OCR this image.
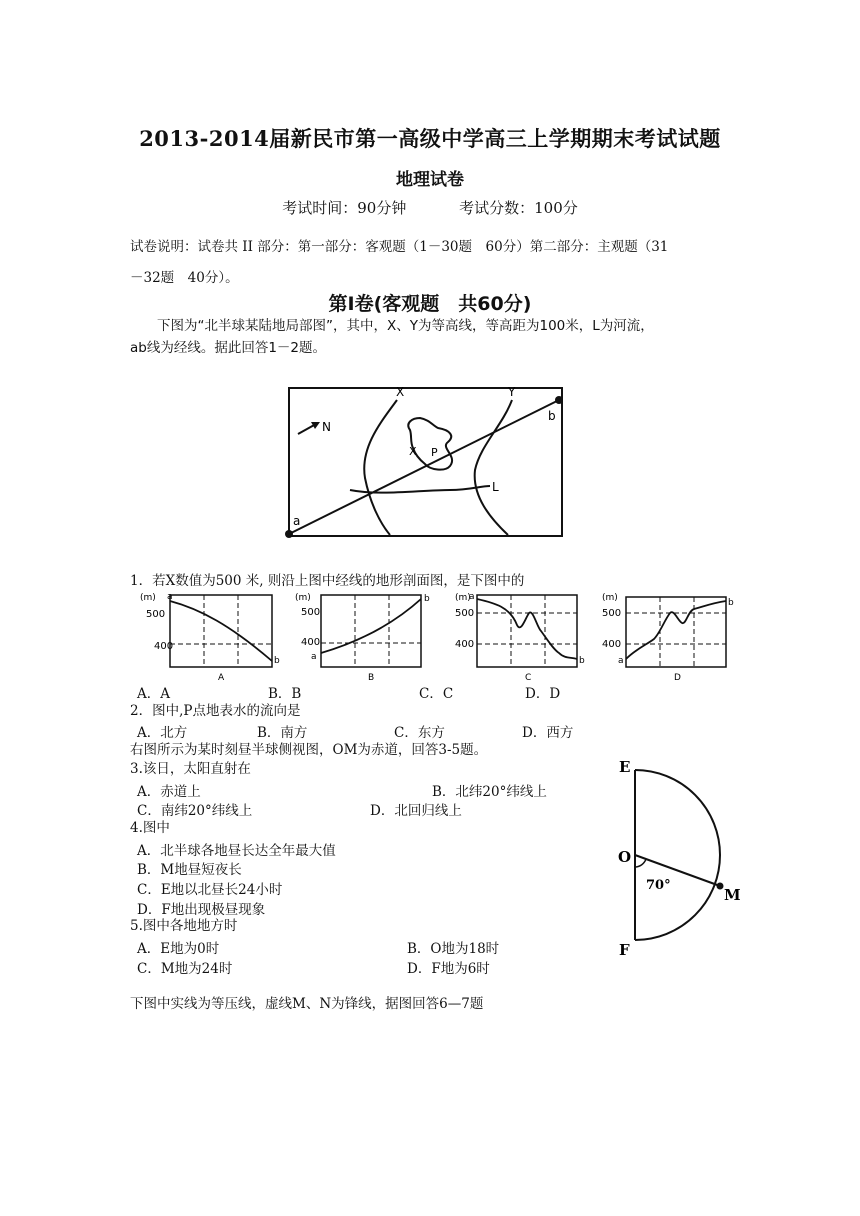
2013-2014届新民市第一高级中学高三上学期期末考试试题
地理试卷
考试时间：90分钟	考试分数：100分
试卷说明：试卷共 II 部分：第一部分：客观题（1－30题　60分）第二部分：主观题（31
－32题　40分）。
第Ⅰ卷(客观题　共60分)
　　下图为“北半球某陆地局部图”，其中，X、Y为等高线，等高距为100米，L为河流，
ab线为经线。据此回答1－2题。
N
X	Y
X P
L
a
b
1．若X数值为500 米, 则沿上图中经线的地形剖面图，是下图中的
(m)
500
400
a
b
A
(m)
500
400
a
b
B
(m)
500
400
a
b
C
(m)
500
400
a
b
D
A．A	B．B	C．C	D．D
2．图中,P点地表水的流向是
A．北方	B．南方	C．东方	D．西方
右图所示为某时刻昼半球侧视图，OM为赤道，回答3-5题。
3.该日，太阳直射在
A．赤道上	B．北纬20°纬线上
C．南纬20°纬线上	D．北回归线上
4.图中
A．北半球各地昼长达全年最大值
B．M地昼短夜长
C．E地以北昼长24小时
D．F地出现极昼现象
5.图中各地地方时
A．E地为0时	B．O地为18时
C．M地为24时	D．F地为6时
E
O
M
F
70°
下图中实线为等压线，虚线M、N为锋线，据图回答6—7题
